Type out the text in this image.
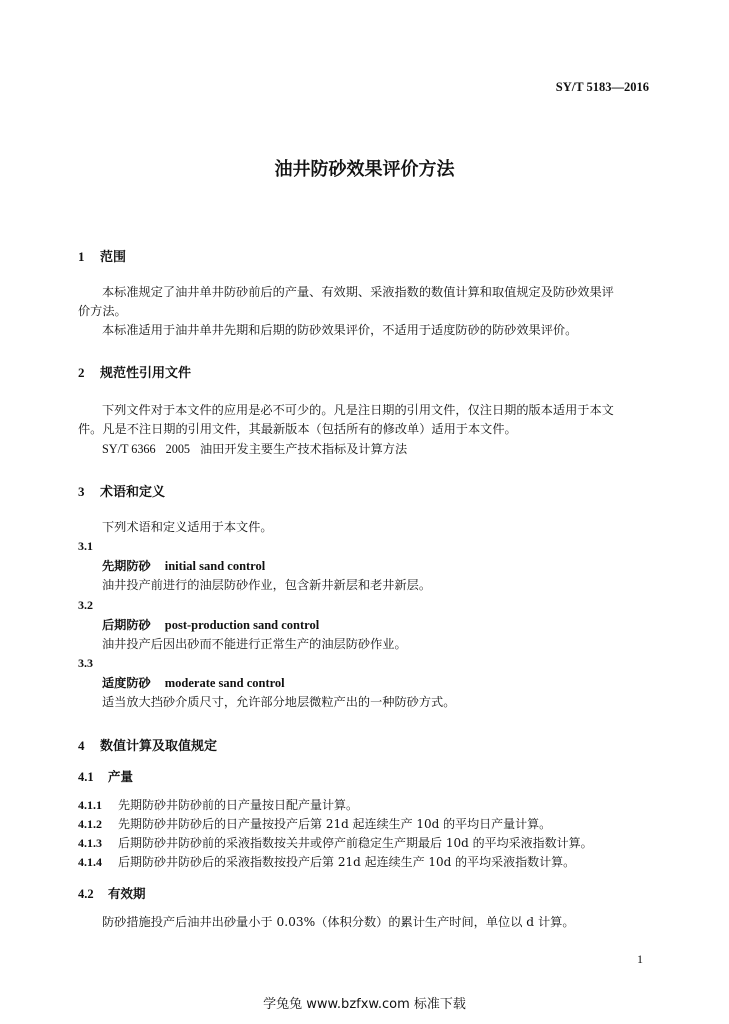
SY/T 5183—2016
油井防砂效果评价方法
1 范围
本标准规定了油井单井防砂前后的产量、有效期、采液指数的数值计算和取值规定及防砂效果评
价方法。
本标准适用于油井单井先期和后期的防砂效果评价，不适用于适度防砂的防砂效果评价。
2 规范性引用文件
下列文件对于本文件的应用是必不可少的。凡是注日期的引用文件，仅注日期的版本适用于本文
件。凡是不注日期的引用文件，其最新版本（包括所有的修改单）适用于本文件。
SY/T 6366 2005 油田开发主要生产技术指标及计算方法
3 术语和定义
下列术语和定义适用于本文件。
3.1
先期防砂 initial sand control
油井投产前进行的油层防砂作业，包含新井新层和老井新层。
3.2
后期防砂 post-production sand control
油井投产后因出砂而不能进行正常生产的油层防砂作业。
3.3
适度防砂 moderate sand control
适当放大挡砂介质尺寸，允许部分地层微粒产出的一种防砂方式。
4 数值计算及取值规定
4.1 产量
4.1.1 先期防砂井防砂前的日产量按日配产量计算。
4.1.2 先期防砂井防砂后的日产量按投产后第 21d 起连续生产 10d 的平均日产量计算。
4.1.3 后期防砂井防砂前的采液指数按关井或停产前稳定生产期最后 10d 的平均采液指数计算。
4.1.4 后期防砂井防砂后的采液指数按投产后第 21d 起连续生产 10d 的平均采液指数计算。
4.2 有效期
防砂措施投产后油井出砂量小于 0.03%（体积分数）的累计生产时间，单位以 d 计算。
1
学兔兔 www.bzfxw.com 标准下载
